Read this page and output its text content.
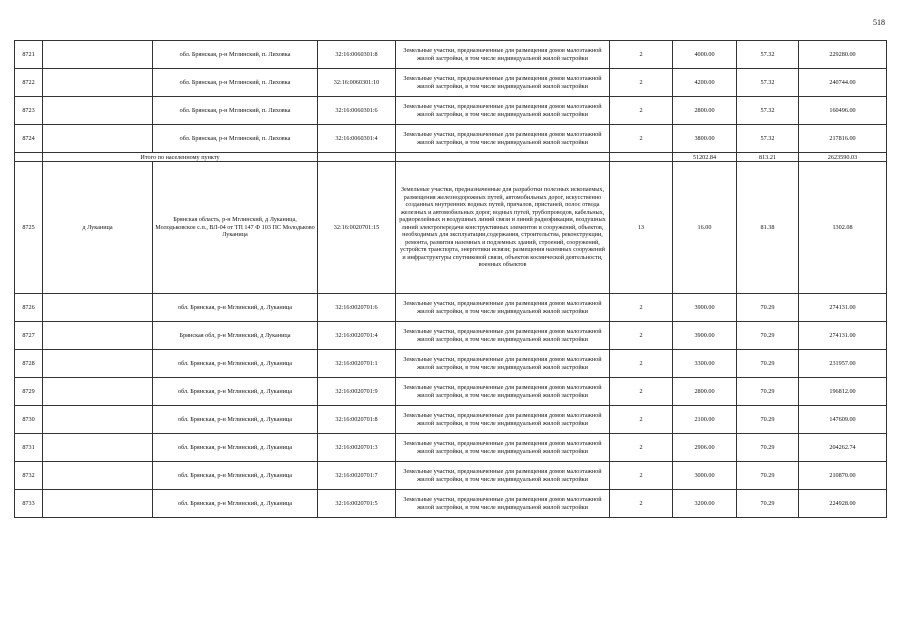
518
8721		обл. Брянская, р-н Мглинский, п. Лиховка	32:16:0060301:8	Земельные участки, предназначенные для размещения домов малоэтажной жилой застройки, в том числе индивидуальной жилой застройки	2	4000.00	57.32	229280.00
8722		обл. Брянская, р-н Мглинский, п. Лиховка	32:16:0060301:10	Земельные участки, предназначенные для размещения домов малоэтажной жилой застройки, в том числе индивидуальной жилой застройки	2	4200.00	57.32	240744.00
8723		обл. Брянская, р-н Мглинский, п. Лиховка	32:16:0060301:6	Земельные участки, предназначенные для размещения домов малоэтажной жилой застройки, в том числе индивидуальной жилой застройки	2	2800.00	57.32	160496.00
8724		обл. Брянская, р-н Мглинский, п. Лиховка	32:16:0060301:4	Земельные участки, предназначенные для размещения домов малоэтажной жилой застройки, в том числе индивидуальной жилой застройки	2	3800.00	57.32	217816.00
	Итого по населенному пункту					51202.84	813.21	2623590.03
8725	д Луканица	Брянская область, р-н Мглинский, д Луканица, Молодьковское с.п., ВЛ-04 от ТП 147 Ф 103 ПС Молодьково Луканица	32:16:0020701:15	Земельные участки, предназначенные для разработки полезных ископаемых, размещения железнодорожных путей, автомобильных дорог, искусственно созданных внутренних водных путей, причалов, пристаней, полос отвода железных и автомобильных дорог, водных путей, трубопроводов, кабельных, радиорелейных и воздушных линий связи и линий радиофикации, воздушных линий электропередачи конструктивных элементов и сооружений, объектов, необходимых для эксплуатации,содержания, строительства, реконструкции, ремонта, развития наземных и подземных зданий, строений, сооружений, устройств транспорта, энергетики исвязи; размещения наземных сооружений и инфраструктуры спутниковой связи, объектов космической деятельности, военных объектов	13	16.00	81.38	1302.08
8726		обл. Брянская, р-н Мглинский, д. Луканица	32:16:0020701:6	Земельные участки, предназначенные для размещения домов малоэтажной жилой застройки, в том числе индивидуальной жилой застройки	2	3900.00	70.29	274131.00
8727		Брянская обл, р-н Мглинский, д Луканица	32:16:0020701:4	Земельные участки, предназначенные для размещения домов малоэтажной жилой застройки, в том числе индивидуальной жилой застройки	2	3900.00	70.29	274131.00
8728		обл. Брянская, р-н Мглинский, д. Луканица	32:16:0020701:1	Земельные участки, предназначенные для размещения домов малоэтажной жилой застройки, в том числе индивидуальной жилой застройки	2	3300.00	70.29	231957.00
8729		обл. Брянская, р-н Мглинский, д. Луканица	32:16:0020701:9	Земельные участки, предназначенные для размещения домов малоэтажной жилой застройки, в том числе индивидуальной жилой застройки	2	2800.00	70.29	196812.00
8730		обл. Брянская, р-н Мглинский, д. Луканица	32:16:0020701:8	Земельные участки, предназначенные для размещения домов малоэтажной жилой застройки, в том числе индивидуальной жилой застройки	2	2100.00	70.29	147609.00
8731		обл. Брянская, р-н Мглинский, д. Луканица	32:16:0020701:3	Земельные участки, предназначенные для размещения домов малоэтажной жилой застройки, в том числе индивидуальной жилой застройки	2	2906.00	70.29	204262.74
8732		обл. Брянская, р-н Мглинский, д. Луканица	32:16:0020701:7	Земельные участки, предназначенные для размещения домов малоэтажной жилой застройки, в том числе индивидуальной жилой застройки	2	3000.00	70.29	210870.00
8733		обл. Брянская, р-н Мглинский, д. Луканица	32:16:0020701:5	Земельные участки, предназначенные для размещения домов малоэтажной жилой застройки, в том числе индивидуальной жилой застройки	2	3200.00	70.29	224928.00
